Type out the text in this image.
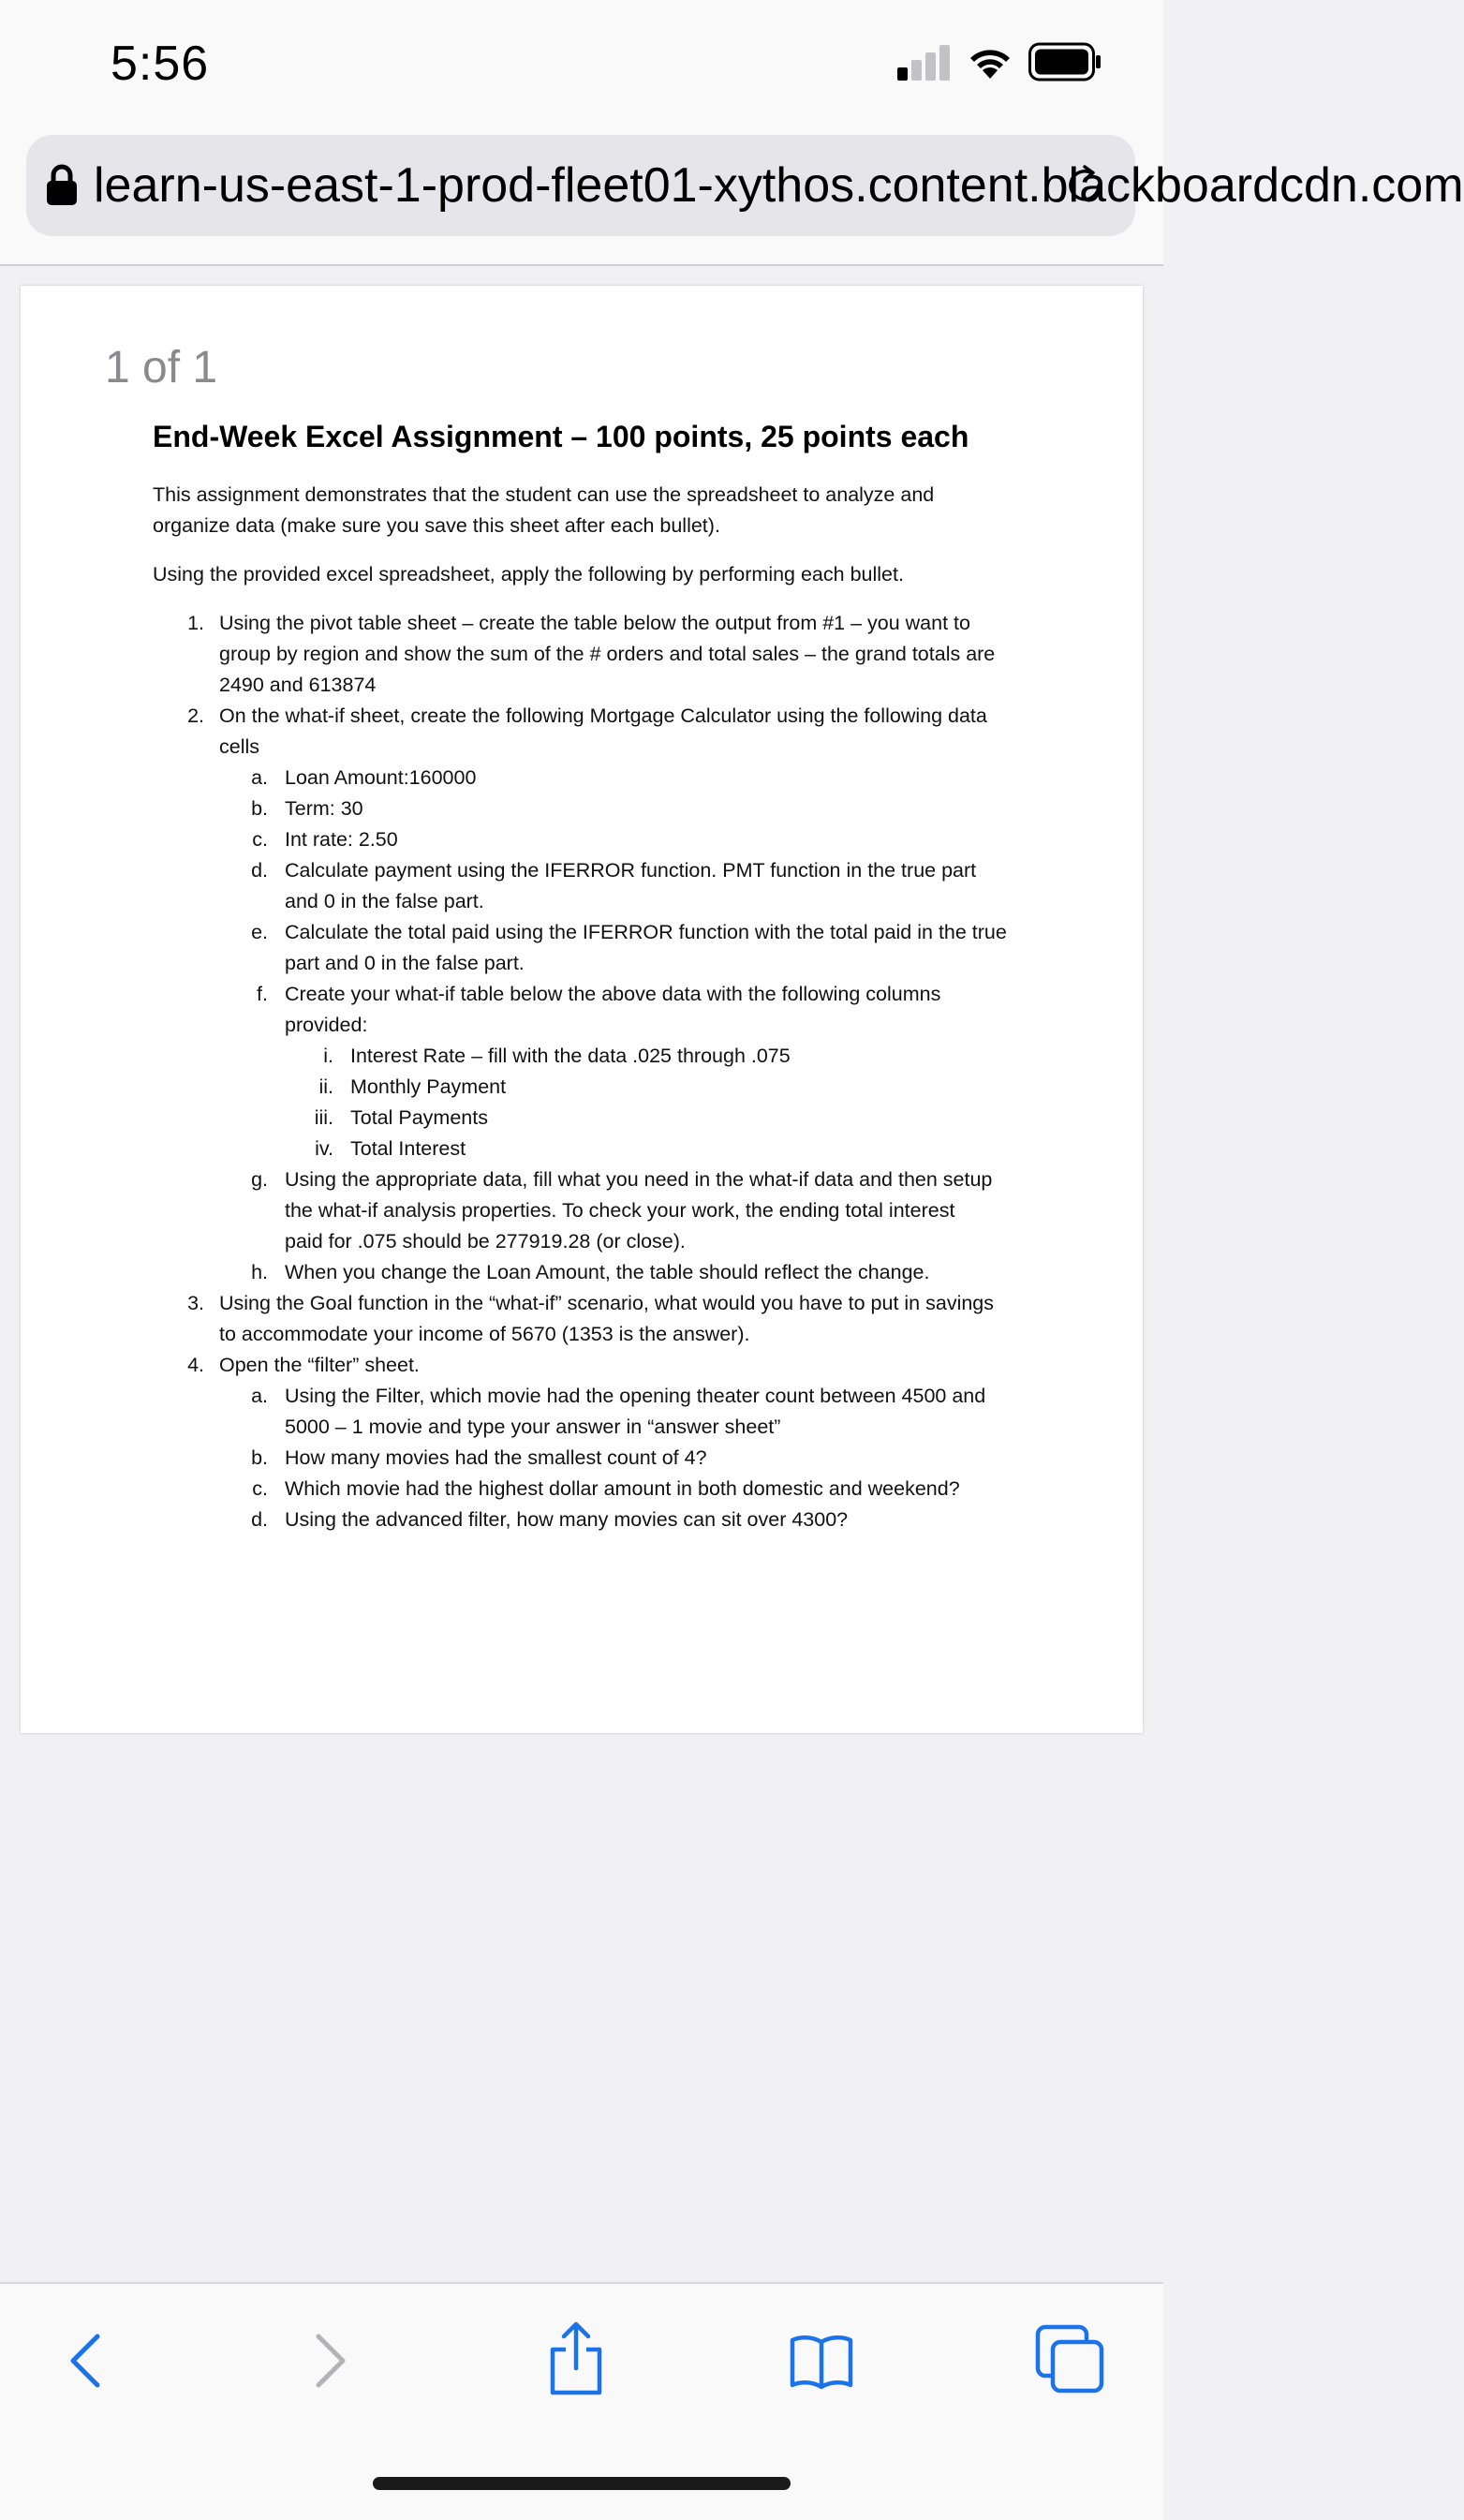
5:56
learn-us-east-1-prod-fleet01-xythos.content.blackboardcdn.com
1 of 1
End-Week Excel Assignment – 100 points, 25 points each
This assignment demonstrates that the student can use the spreadsheet to analyze and organize data (make sure you save this sheet after each bullet).
Using the provided excel spreadsheet, apply the following by performing each bullet.
1. Using the pivot table sheet – create the table below the output from #1 – you want to
group by region and show the sum of the # orders and total sales – the grand totals are
2490 and 613874
2. On the what-if sheet, create the following Mortgage Calculator using the following data
cells
a. Loan Amount:160000
b. Term: 30
c. Int rate: 2.50
d. Calculate payment using the IFERROR function. PMT function in the true part
and 0 in the false part.
e. Calculate the total paid using the IFERROR function with the total paid in the true
part and 0 in the false part.
f. Create your what-if table below the above data with the following columns
provided:
i. Interest Rate – fill with the data .025 through .075
ii. Monthly Payment
iii. Total Payments
iv. Total Interest
g. Using the appropriate data, fill what you need in the what-if data and then setup
the what-if analysis properties. To check your work, the ending total interest
paid for .075 should be 277919.28 (or close).
h. When you change the Loan Amount, the table should reflect the change.
3. Using the Goal function in the “what-if” scenario, what would you have to put in savings
to accommodate your income of 5670 (1353 is the answer).
4. Open the “filter” sheet.
a. Using the Filter, which movie had the opening theater count between 4500 and
5000 – 1 movie and type your answer in “answer sheet”
b. How many movies had the smallest count of 4?
c. Which movie had the highest dollar amount in both domestic and weekend?
d. Using the advanced filter, how many movies can sit over 4300?
